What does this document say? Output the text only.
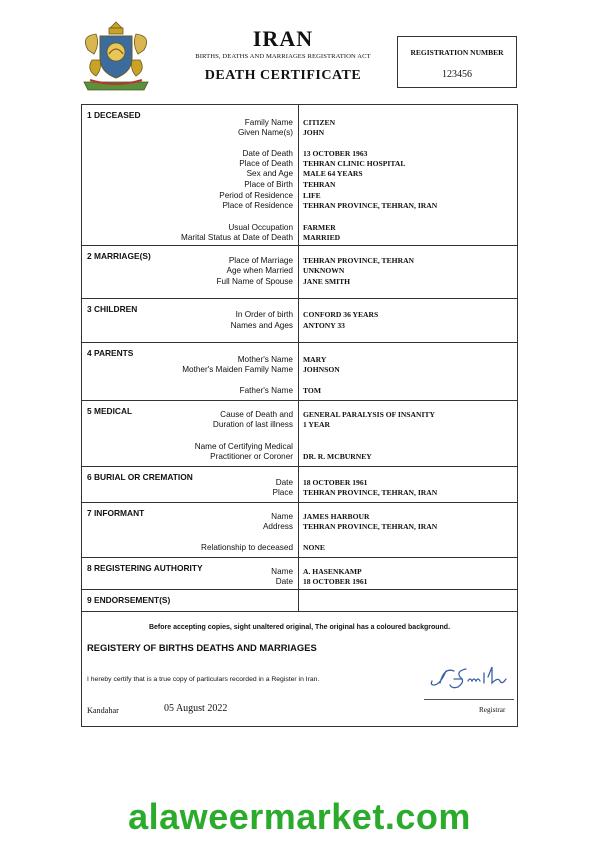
IRAN
BIRTHS, DEATHS AND MARRIAGES REGISTRATION ACT
DEATH CERTIFICATE
REGISTRATION NUMBER
123456
1 DECEASED
Family Name CITIZEN
Given Name(s) JOHN
Date of Death 13 OCTOBER 1963
Place of Death TEHRAN CLINIC HOSPITAL
Sex and Age MALE 64 YEARS
Place of Birth TEHRAN
Period of Residence LIFE
Place of Residence TEHRAN PROVINCE, TEHRAN, IRAN
Usual Occupation FARMER
Marital Status at Date of Death MARRIED
2 MARRIAGE(S)	Place of Marriage TEHRAN PROVINCE, TEHRAN
Age when Married UNKNOWN
Full Name of Spouse JANE SMITH
3 CHILDREN
In Order of birth CONFORD 36 YEARS
Names and Ages ANTONY 33
4 PARENTS
Mother's Name MARY
Mother's Maiden Family Name JOHNSON
Father's Name TOM
5 MEDICAL	Cause of Death and GENERAL PARALYSIS OF INSANITY
Duration of last illness 1 YEAR
Name of Certifying Medical
Practitioner or Coroner DR. R. MCBURNEY
6 BURIAL OR CREMATION
Date 18 OCTOBER 1961
Place TEHRAN PROVINCE, TEHRAN, IRAN
7 INFORMANT	Name JAMES HARBOUR
Address TEHRAN PROVINCE, TEHRAN, IRAN
Relationship to deceased NONE
8 REGISTERING AUTHORITY	Name A. HASENKAMP
Date 18 OCTOBER 1961
9 ENDORSEMENT(S)
Before accepting copies, sight unaltered original, The original has a coloured background.
REGISTERY OF BIRTHS DEATHS AND MARRIAGES
I hereby certify that is a true copy of particulars recorded in a Register in Iran.
Kandahar	05 August 2022	Registrar
alaweermarket.com
